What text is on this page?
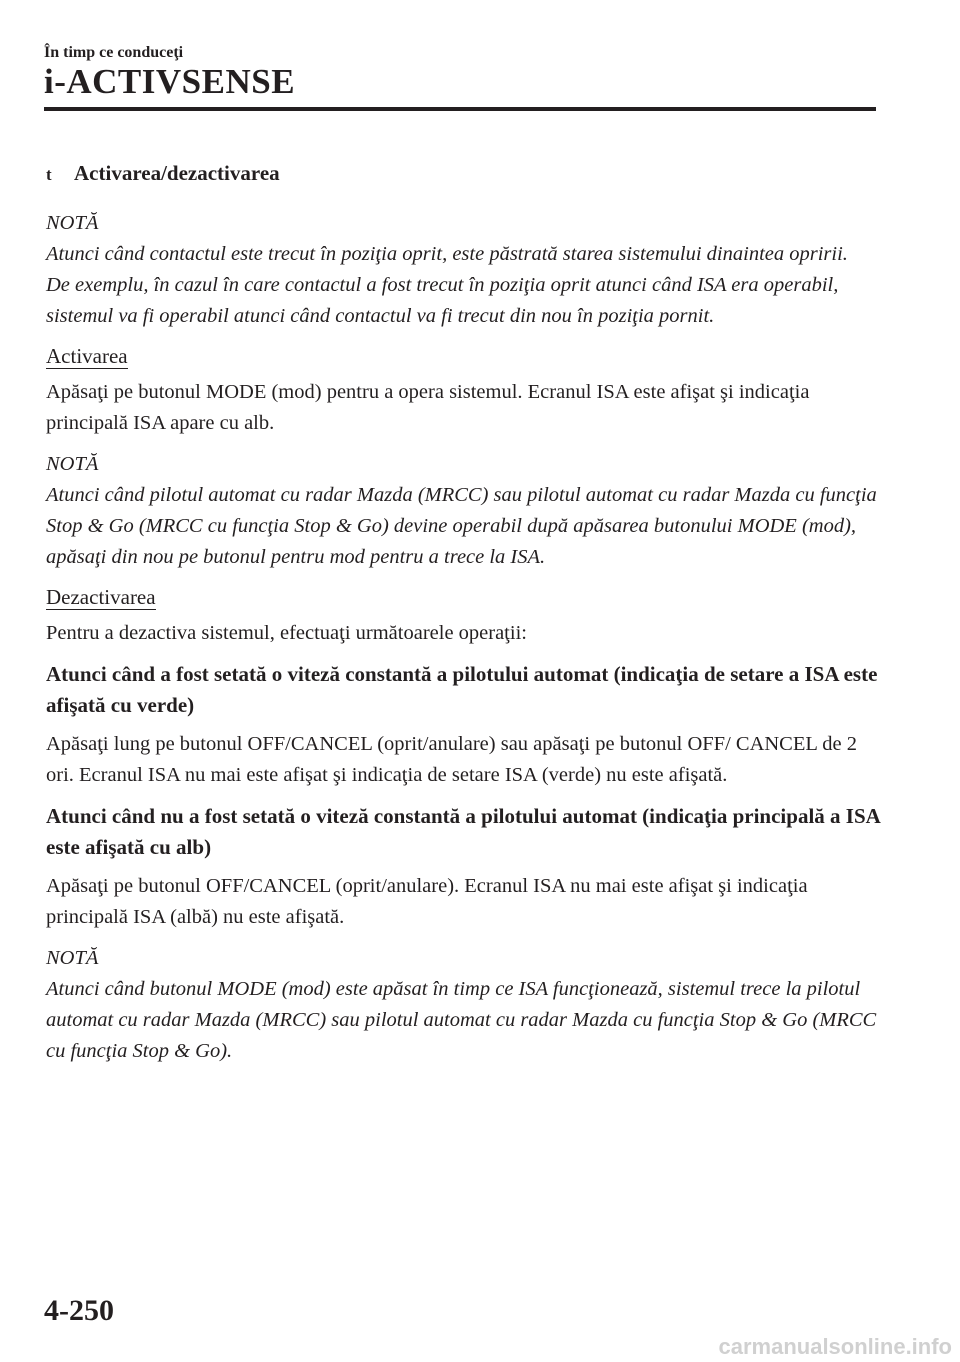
În timp ce conduceţi
i-ACTIVSENSE
t	Activarea/dezactivarea
NOTĂ
Atunci când contactul este trecut în poziţia oprit, este păstrată starea sistemului dinaintea opririi.
De exemplu, în cazul în care contactul a fost trecut în poziţia oprit atunci când ISA era operabil, sistemul va fi operabil atunci când contactul va fi trecut din nou în poziţia pornit.
Activarea

Apăsaţi pe butonul MODE (mod) pentru a opera sistemul. Ecranul ISA este afişat şi indicaţia principală ISA apare cu alb.

NOTĂ
Atunci când pilotul automat cu radar Mazda (MRCC) sau pilotul automat cu radar Mazda cu funcţia Stop & Go (MRCC cu funcţia Stop & Go) devine operabil după apăsarea butonului MODE (mod), apăsaţi din nou pe butonul pentru mod pentru a trece la ISA.
Dezactivarea

Pentru a dezactiva sistemul, efectuaţi următoarele operaţii:

Atunci când a fost setată o viteză constantă a pilotului automat (indicaţia de setare a ISA este afişată cu verde)

Apăsaţi lung pe butonul OFF/CANCEL (oprit/anulare) sau apăsaţi pe butonul OFF/ CANCEL de 2 ori. Ecranul ISA nu mai este afişat şi indicaţia de setare ISA (verde) nu este afişată.

Atunci când nu a fost setată o viteză constantă a pilotului automat (indicaţia principală a ISA este afişată cu alb)

Apăsaţi pe butonul OFF/CANCEL (oprit/anulare). Ecranul ISA nu mai este afişat şi indicaţia principală ISA (albă) nu este afişată.

NOTĂ
Atunci când butonul MODE (mod) este apăsat în timp ce ISA funcţionează, sistemul trece la pilotul automat cu radar Mazda (MRCC) sau pilotul automat cu radar Mazda cu funcţia Stop & Go (MRCC cu funcţia Stop & Go).
4-250
carmanualsonline.info
